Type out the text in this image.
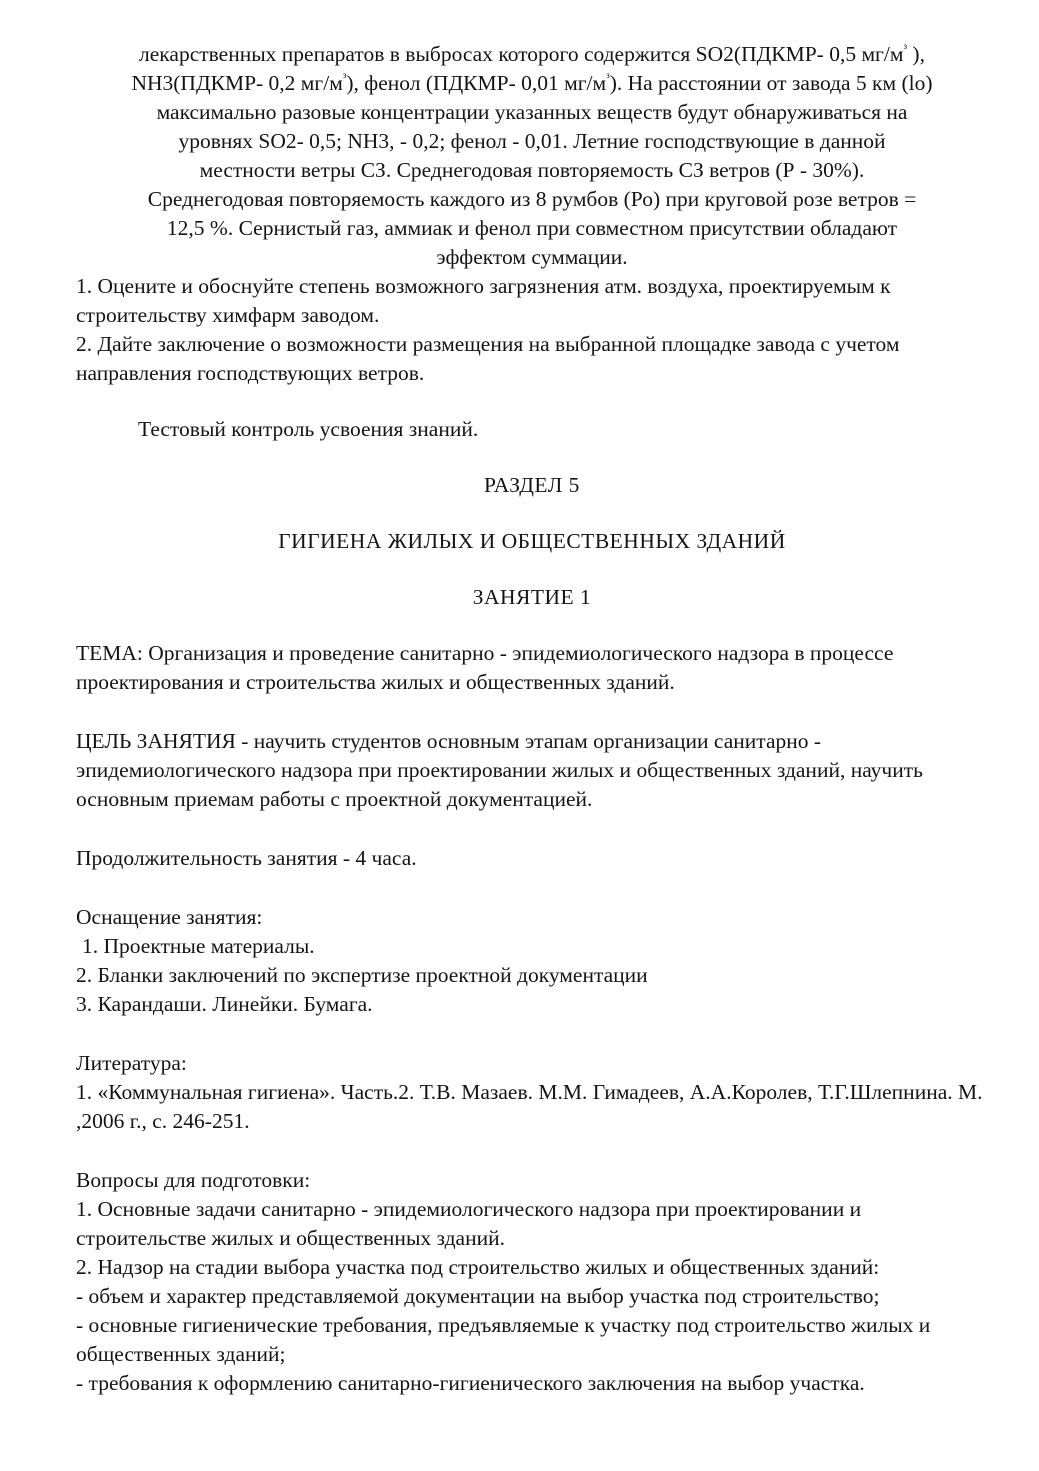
лекарственных препаратов в выбросах которого содержится SO2(ПДКМР- 0,5 $мг/м^з$ ),
NH3(ПДКМР- 0,2 $мг/м^з$), фенол (ПДКМР- 0,01 $мг/м^з$). На расстоянии от завода 5 км (lo)
максимально разовые концентрации указанных веществ будут обнаруживаться на
уровнях SO2- 0,5; NH3, - 0,2; фенол - 0,01. Летние господствующие в данной
местности ветры СЗ. Среднегодовая повторяемость СЗ ветров (Р - 30%).
Среднегодовая повторяемость каждого из 8 румбов (Ро) при круговой розе ветров =
12,5 %. Сернистый газ, аммиак и фенол при совместном присутствии обладают
эффектом суммации.
1. Оцените и обоснуйте степень возможного загрязнения атм. воздуха, проектируемым к строительству химфарм заводом.
2. Дайте заключение о возможности размещения на выбранной площадке завода с учетом направления господствующих ветров.
Тестовый контроль усвоения знаний.
РАЗДЕЛ 5
ГИГИЕНА ЖИЛЫХ И ОБЩЕСТВЕННЫХ ЗДАНИЙ
ЗАНЯТИЕ 1
ТЕМА: Организация и проведение санитарно - эпидемиологического надзора в процессе проектирования и строительства жилых и общественных зданий.
ЦЕЛЬ ЗАНЯТИЯ - научить студентов основным этапам организации санитарно - эпидемиологического надзора при проектировании жилых и общественных зданий, научить основным приемам работы с проектной документацией.
Продолжительность занятия - 4 часа.
Оснащение занятия:
1. Проектные материалы.
2. Бланки заключений по экспертизе проектной документации
3. Карандаши. Линейки. Бумага.
Литература:
1. «Коммунальная гигиена». Часть.2. Т.В. Мазаев. М.М. Гимадеев, А.А.Королев, Т.Г.Шлепнина. М. ,2006 г., с. 246-251.
Вопросы для подготовки:
1. Основные задачи санитарно - эпидемиологического надзора при проектировании и строительстве жилых и общественных зданий.
2. Надзор на стадии выбора участка под строительство жилых и общественных зданий:
- объем и характер представляемой документации на выбор участка под строительство;
- основные гигиенические требования, предъявляемые к участку под строительство жилых и общественных зданий;
- требования к оформлению санитарно-гигиенического заключения на выбор участка.
